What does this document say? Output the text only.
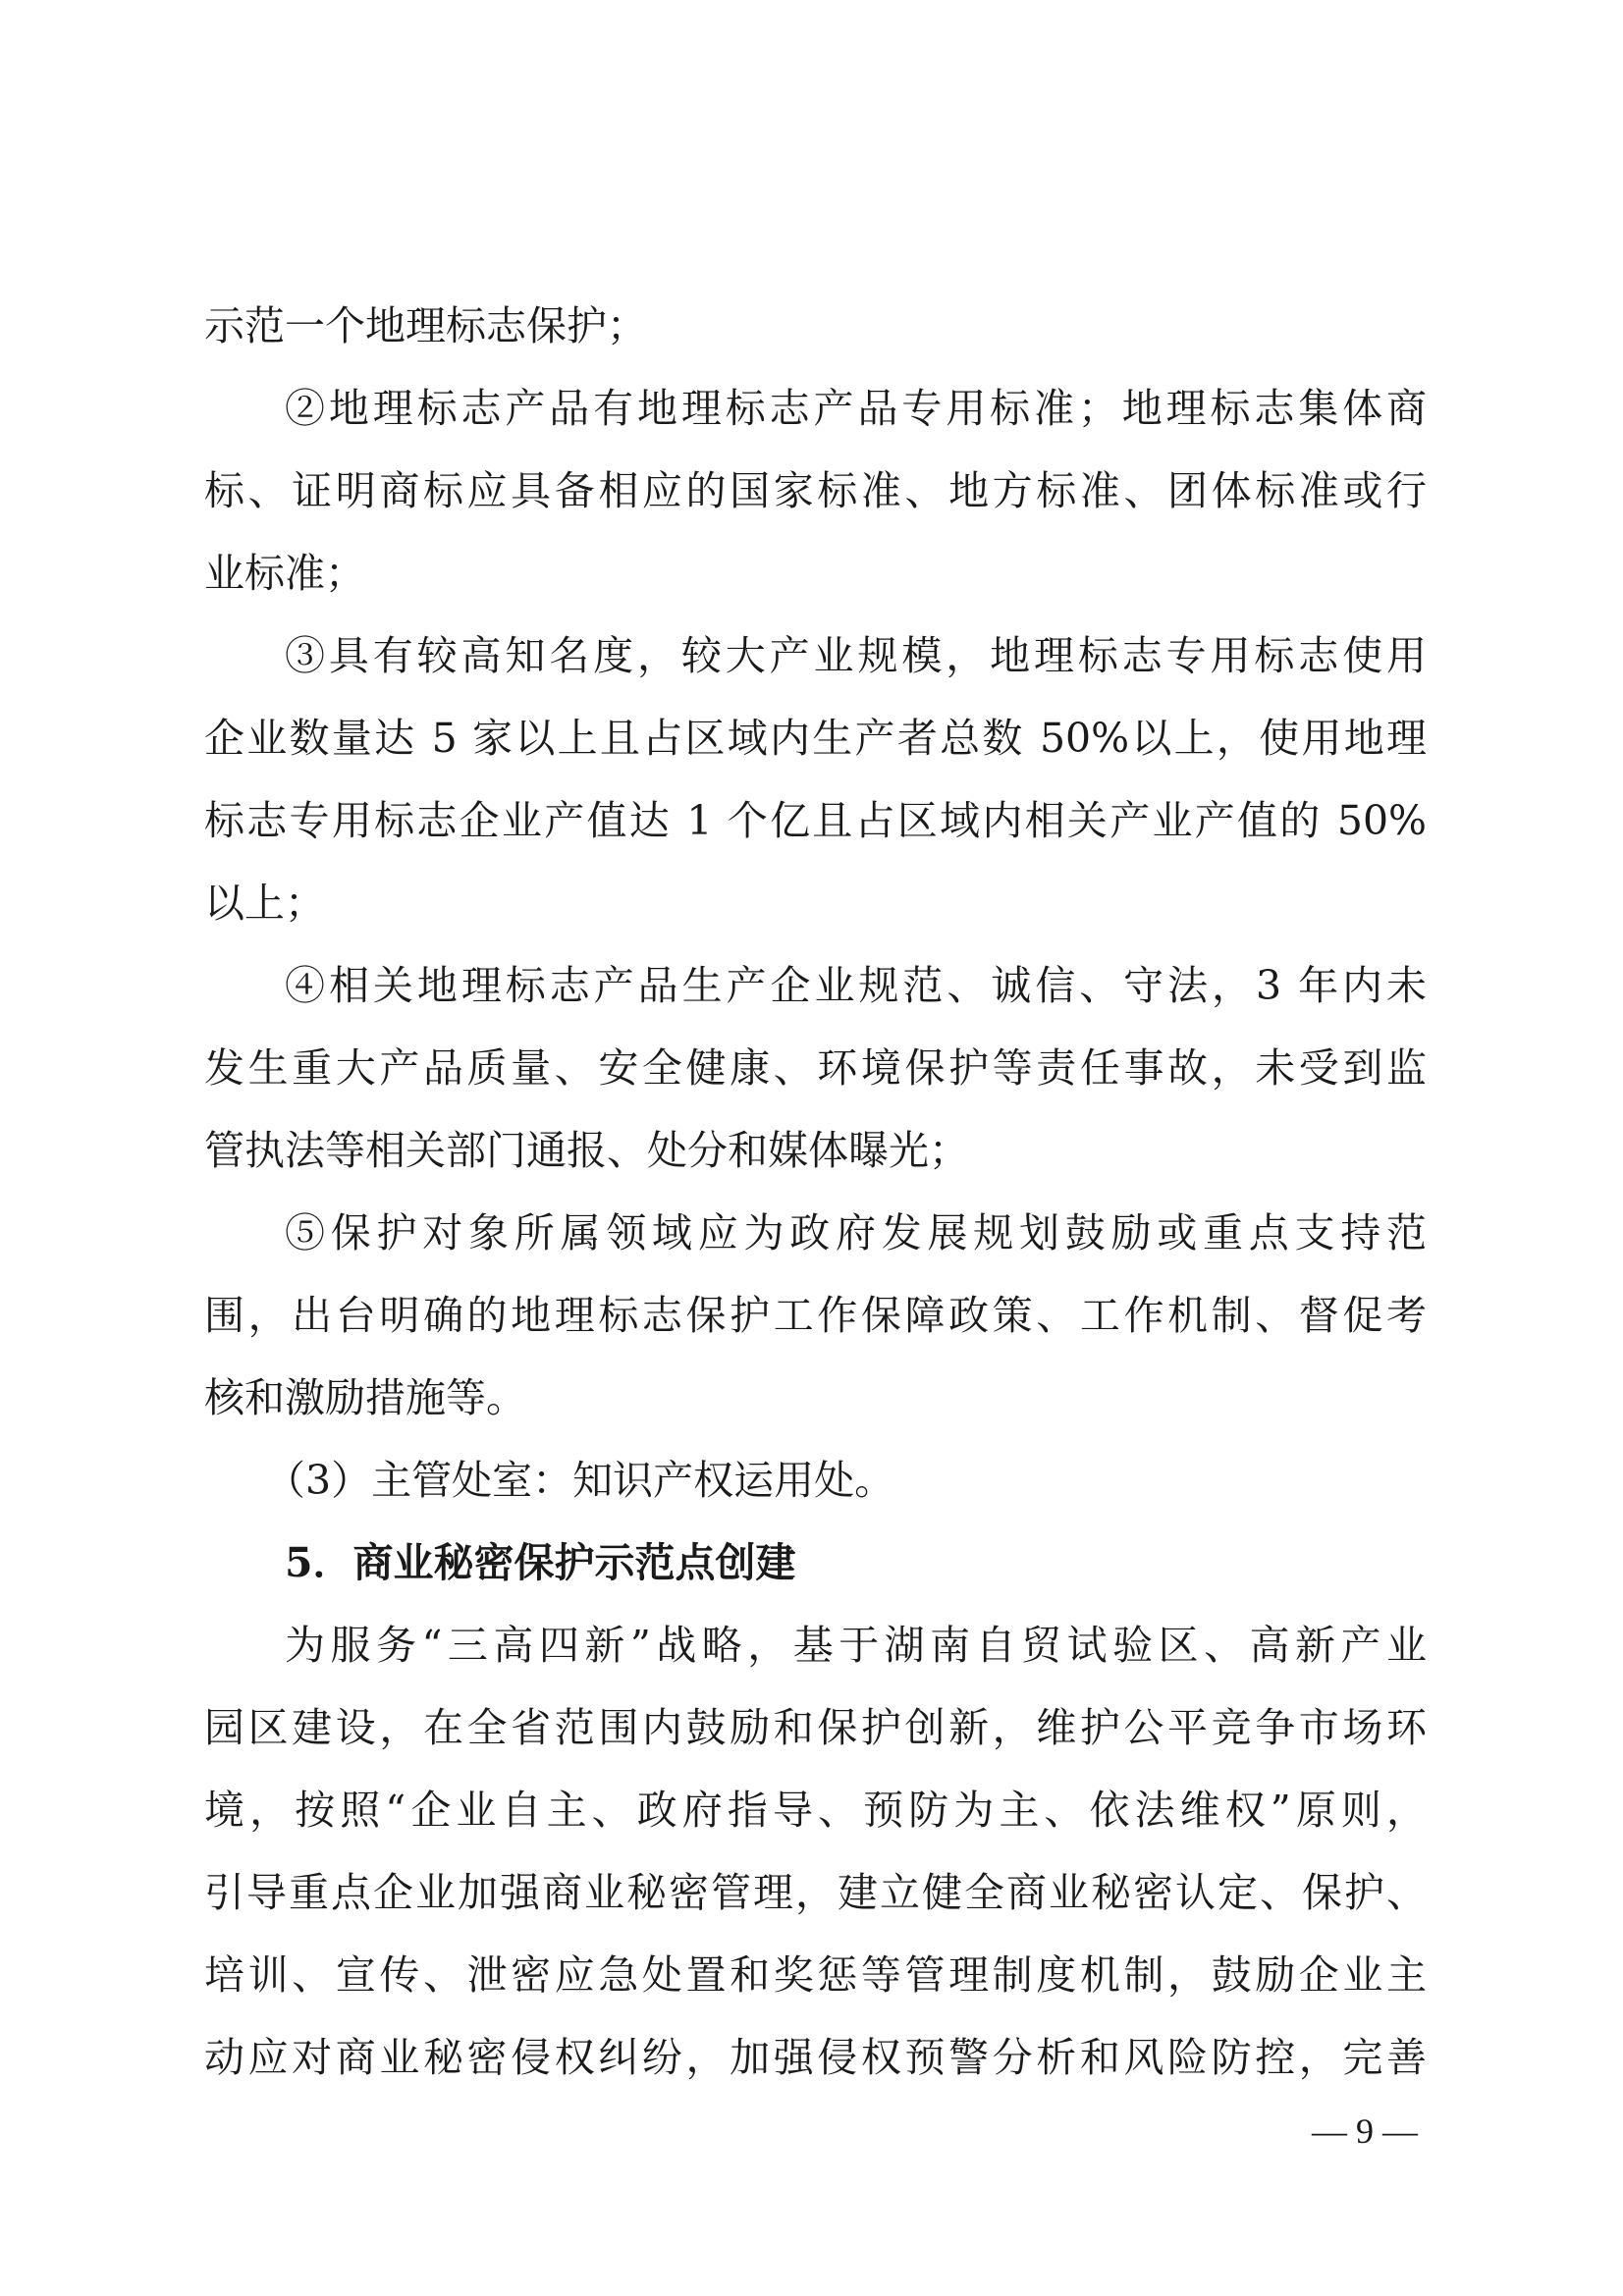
示范一个地理标志保护；
②地理标志产品有地理标志产品专用标准；地理标志集体商
标、证明商标应具备相应的国家标准、地方标准、团体标准或行
业标准；
③具有较高知名度，较大产业规模，地理标志专用标志使用
企业数量达 5 家以上且占区域内生产者总数 50%以上，使用地理
标志专用标志企业产值达 1 个亿且占区域内相关产业产值的 50%
以上；
④相关地理标志产品生产企业规范、诚信、守法，3 年内未
发生重大产品质量、安全健康、环境保护等责任事故，未受到监
管执法等相关部门通报、处分和媒体曝光；
⑤保护对象所属领域应为政府发展规划鼓励或重点支持范
围，出台明确的地理标志保护工作保障政策、工作机制、督促考
核和激励措施等。
（3）主管处室：知识产权运用处。
5．商业秘密保护示范点创建
为服务“三高四新”战略，基于湖南自贸试验区、高新产业
园区建设，在全省范围内鼓励和保护创新，维护公平竞争市场环
境，按照“企业自主、政府指导、预防为主、依法维权”原则，
引导重点企业加强商业秘密管理，建立健全商业秘密认定、保护、
培训、宣传、泄密应急处置和奖惩等管理制度机制，鼓励企业主
动应对商业秘密侵权纠纷，加强侵权预警分析和风险防控，完善
— 9 —
